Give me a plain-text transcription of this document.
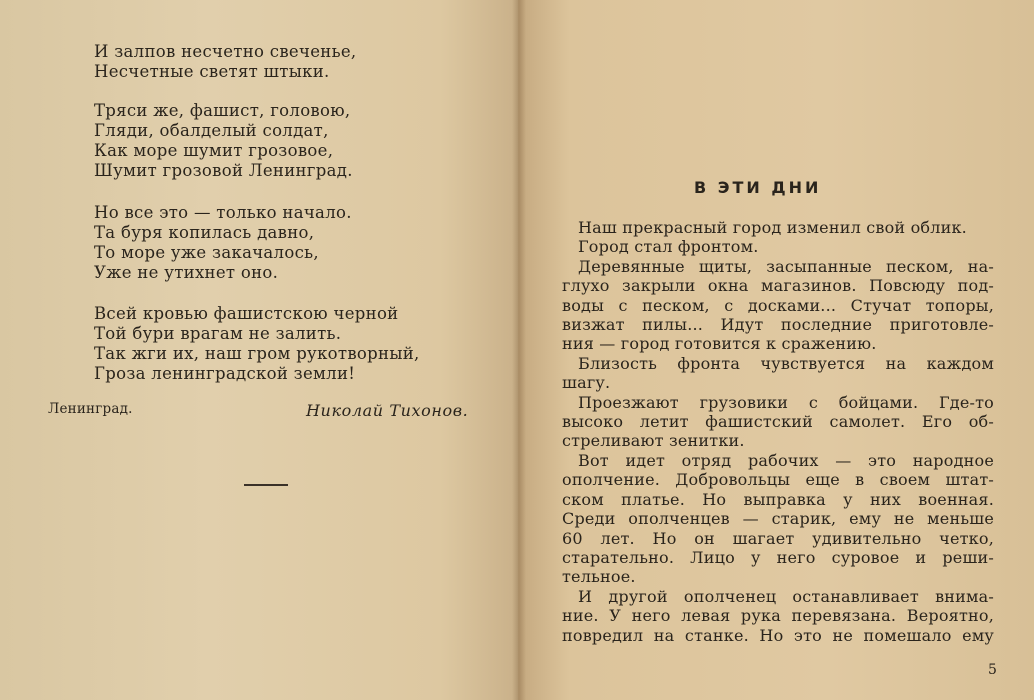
И залпов несчетно свеченье,
Несчетные светят штыки.
Тряси же, фашист, головою,
Гляди, обалделый солдат,
Как море шумит грозовое,
Шумит грозовой Ленинград.
Но все это — только начало.
Та буря копилась давно,
То море уже закачалось,
Уже не утихнет оно.
Всей кровью фашистскою черной
Той бури врагам не залить.
Так жги их, наш гром рукотворный,
Гроза ленинградской земли!
Ленинград.	Николай Тихонов.
В ЭТИ ДНИ

Наш прекрасный город изменил свой облик.

Город стал фронтом.

Деревянные щиты, засыпанные песком, на-
глухо закрыли окна магазинов. Повсюду под-
воды с песком, с досками... Стучат топоры,
визжат пилы... Идут последние приготовле-
ния — город готовится к сражению.

Близость фронта чувствуется на каждом
шагу.

Проезжают грузовики с бойцами. Где-то
высоко летит фашистский самолет. Его об-
стреливают зенитки.

Вот идет отряд рабочих — это народное
ополчение. Добровольцы еще в своем штат-
ском платье. Но выправка у них военная.
Среди ополченцев — старик, ему не меньше
60 лет. Но он шагает удивительно четко,
старательно. Лицо у него суровое и реши-
тельное.

И другой ополченец останавливает внима-
ние. У него левая рука перевязана. Вероятно,
повредил на станке. Но это не помешало ему

5
